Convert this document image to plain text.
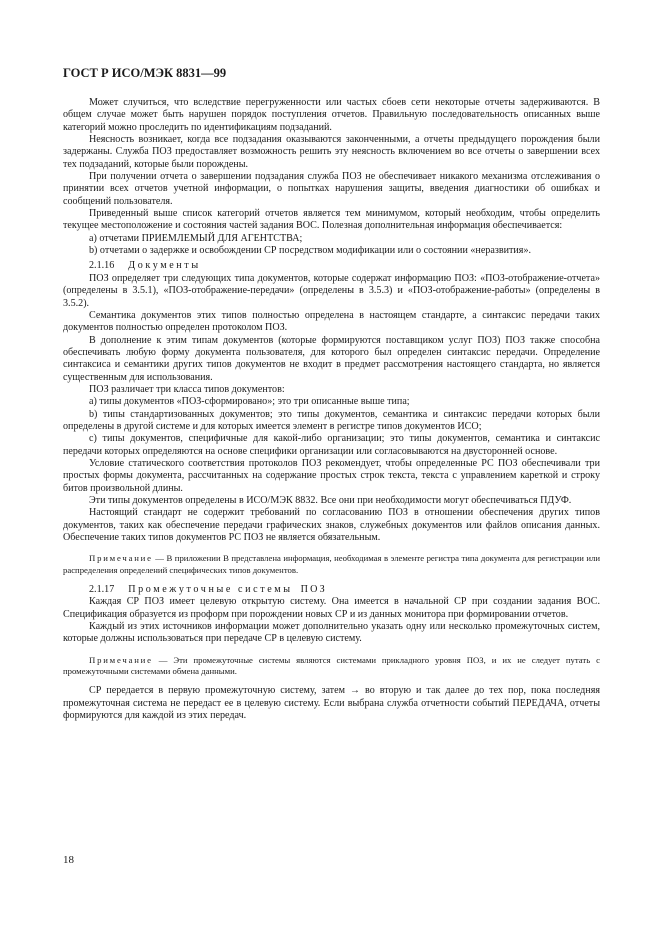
ГОСТ Р ИСО/МЭК 8831—99

Может случиться, что вследствие перегруженности или частых сбоев сети некоторые отчеты задерживаются. В общем случае может быть нарушен порядок поступления отчетов. Правильную последовательность описанных выше категорий можно проследить по идентификациям подзаданий.

Неясность возникает, когда все подзадания оказываются законченными, а отчеты предыдущего порождения были задержаны. Служба ПОЗ предоставляет возможность решить эту неясность включением во все отчеты о завершении всех тех подзаданий, которые были порождены.

При получении отчета о завершении подзадания служба ПОЗ не обеспечивает никакого механизма отслеживания о принятии всех отчетов учетной информации, о попытках нарушения защиты, введения диагностики об ошибках и сообщений пользователя.

Приведенный выше список категорий отчетов является тем минимумом, который необходим, чтобы определить текущее местоположение и состояния частей задания ВОС. Полезная дополнительная информация обеспечивается:

а) отчетами ПРИЕМЛЕМЫЙ ДЛЯ АГЕНТСТВА;

b) отчетами о задержке и освобождении СР посредством модификации или о состоянии «неразвития».

2.1.16 Документы

ПОЗ определяет три следующих типа документов, которые содержат информацию ПОЗ: «ПОЗ-отображение-отчета» (определены в 3.5.1), «ПОЗ-отображение-передачи» (определены в 3.5.3) и «ПОЗ-отображение-работы» (определены в 3.5.2).

Семантика документов этих типов полностью определена в настоящем стандарте, а синтаксис передачи таких документов полностью определен протоколом ПОЗ.

В дополнение к этим типам документов (которые формируются поставщиком услуг ПОЗ) ПОЗ также способна обеспечивать любую форму документа пользователя, для которого был определен синтаксис передачи. Определение синтаксиса и семантики других типов документов не входит в предмет рассмотрения настоящего стандарта, но является существенным для использования.

ПОЗ различает три класса типов документов:

а) типы документов «ПОЗ-сформировано»; это три описанные выше типа;

b) типы стандартизованных документов; это типы документов, семантика и синтаксис передачи которых были определены в другой системе и для которых имеется элемент в регистре типов документов ИСО;

с) типы документов, специфичные для какой-либо организации; это типы документов, семантика и синтаксис передачи которых определяются на основе специфики организации или согласовываются на двусторонней основе.

Условие статического соответствия протоколов ПОЗ рекомендует, чтобы определенные РС ПОЗ обеспечивали три простых формы документа, рассчитанных на содержание простых строк текста, текста с управлением кареткой и строку битов произвольной длины.

Эти типы документов определены в ИСО/МЭК 8832. Все они при необходимости могут обеспечиваться ПДУФ.

Настоящий стандарт не содержит требований по согласованию ПОЗ в отношении обеспечения других типов документов, таких как обеспечение передачи графических знаков, служебных документов или файлов описания данных. Обеспечение таких типов документов РС ПОЗ не является обязательным.

Примечание — В приложении В представлена информация, необходимая в элементе регистра типа документа для регистрации или распределения определений специфических типов документов.

2.1.17 Промежуточные системы ПОЗ

Каждая СР ПОЗ имеет целевую открытую систему. Она имеется в начальной СР при создании задания ВОС. Спецификация образуется из проформ при порождении новых СР и из данных монитора при формировании отчетов.

Каждый из этих источников информации может дополнительно указать одну или несколько промежуточных систем, которые должны использоваться при передаче СР в целевую систему.

Примечание — Эти промежуточные системы являются системами прикладного уровня ПОЗ, и их не следует путать с промежуточными системами обмена данными.

СР передается в первую промежуточную систему, затем → во вторую и так далее до тех пор, пока последняя промежуточная система не передаст ее в целевую систему. Если выбрана служба отчетности событий ПЕРЕДАЧА, отчеты формируются для каждой из этих передач.

18
